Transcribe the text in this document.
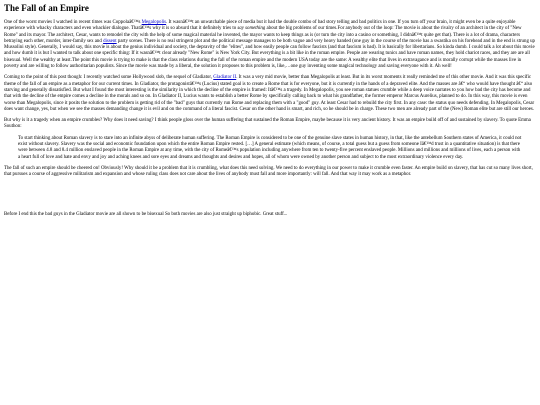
The Fall of an Empire

One of the worst movies I watched in recent times was Coppolaâ€™s Megalopolis. It wasnâ€™t an unwatchable piece of media but it had the double combo of bad story telling and bad politics in one. If you turn off your brain, it might even be a quite enjoyable experience with whacky characters and even whackier dialogue. Thatâ€™s why it is so absurd that it definitely tries to say something about the big problems of our times.For anybody out of the loop: The movie is about the rivalry of an architect in the city of "New Rome" and its mayor. The architect, Cesar, wants to remodel the city with the help of some magical material he invented, the mayor wants to keep things as is (or turn the city into a casino or something, I didnâ€™t quite get that). There is a lot of drama, characters betraying each other, murder, inter-family sex and dissent party scenes. There is no real stringent plot and the political message manages to be both vague and very heavy handed (one guy in the course of the movie has a swastika on his forehead and in the end is strung up Mussolini style). Generally, I would say, this movie is about the genius individual and society, the depravity of the "elites", and how easily people can follow fascists (and that fascism is bad). It is basically for libertarians. So kinda dumb. I could talk a lot about this movie and how dumb it is but I wanted to talk about one specific thing: If it wasnâ€™t clear already "New Rome" is New York City. But everything is a bit like in the roman empire. People are wearing tunics and have roman names, they hold chariot races, and they are are all bisexual. Well the wealthy at least.The point this movie is trying to make is that the class relations during the fall of the roman empire and the modern USA today are the same: A wealthy elite that lives in extravagance and is morally corrupt while the masses live in poverty and are willing to follow authoritarian populists. Since the movie was made by a liberal, the solution it proposes to this problem is, like,…one guy inventing some magical technology and saving everyone with it. Ah well!

Coming to the point of this post though: I recently watched some Hollywood slob, the sequel of Gladiator, Gladiator II. It was a very mid movie, better than Megalopolis at least. But in its worst moments it really reminded me of this other movie. And it was this specific theme of the fall of an empire as a metaphor for our current times. In Gladiator, the protagonistâ€™s (Lucius) stated goal is to create a Rome that is for everyone, but it is currently in the hands of a depraved elite. And the masses are â€“ who would have thought â€“ also starving and generally dissatisfied. But what I found the most interesting is the similarity in which the decline of the empire is framed: Itâ€™s a tragedy. In Megalopolis, you see roman statues crumble while a deep voice narrates to you how bad the city has become and that with the decline of the empire comes a decline in the morals and so on. In Gladiator II, Lucius wants to establish a better Rome by specifically calling back to what his grandfather, the former emperor Marcus Aurelius, planned to do. In this way, this movie is even worse than Megalopolis, since it posits the solution to the problem is getting rid of the "bad" guys that currently run Rome and replacing them with a "good" guy. At least Cesar had to rebuild the city first. In any case: the status quo needs defending. In Megalopolis, Cesar does want change, yes, but when we see the masses demanding change it is evil and on the command of a literal fascist. Cesar on the other hand is smart, and rich, so he should be in charge. These two men are already part of the (New) Roman elite but are still our heroes.

But why is it a tragedy when an empire crumbles? Why does it need saving? I think people gloss over the human suffering that sustained the Roman Empire, maybe because it is very ancient history. It was an empire build off of and sustained by slavery. To quote Emma Southon:

To start thinking about Roman slavery is to stare into an infinite abyss of deliberate human suffering. The Roman Empire is considered to be one of the genuine slave states in human history, in that, like the antebellum Southern states of America, it could not exist without slavery. Slavery was the social and economic foundation upon which the entire Roman Empire rested. […] A general estimate (which means, of course, a total guess but a guess from someone Iâ€™d trust in a quantitative situation) is that there were between 4.8 and 8.4 million enslaved people in the Roman Empire at any time, with the city of Romeâ€™s population including anywhere from ten to twenty-five percent enslaved people. Millions and millions and millions of lives, each a person with a heart full of love and hate and envy and joy and aching knees and sore eyes and dreams and thoughts and desires and hopes, all of whom were owned by another person and subject to the most extraordinary violence every day.

The fall of such an empire should be cheered on! Obviously! Why should it be a problem that it is crumbling, what does this need solving. We need to do everything in our power to make it crumble even faster. An empire build on slavery, that has cut so many lives short, that pursues a course of aggressive militarism and expansion and whose ruling class does not care about the lives of anybody must fall and more importantly: will fall. And that way it may work as a metaphor.

Before I end this the bad guys in the Gladiator movie are all shown to be bisexual So both movies are also just straight up biphobic. Great stuff...
